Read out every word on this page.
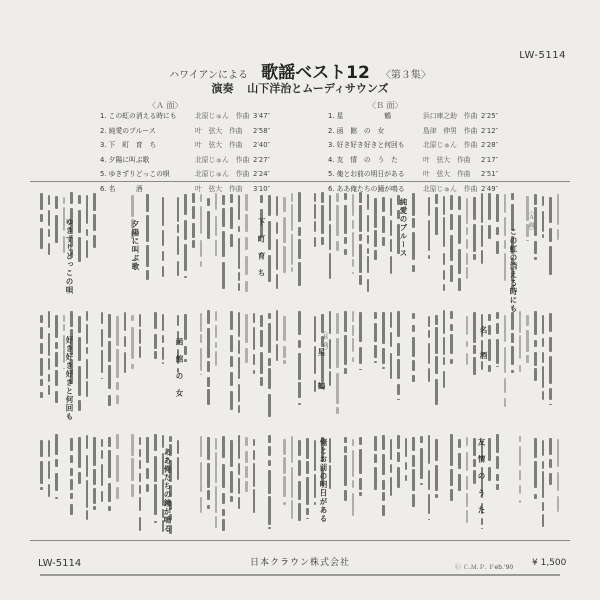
LW-5114
ハワイアンによる 歌謡ベスト12 〈第３集〉
演奏 山下洋治とムーディサウンズ
〈Ａ 面〉
1. この虹の消える時にも	北原じゅん　作曲 3′47″
2. 純愛のブルース	叶　弦大　作曲 2′58″
3. 下　町　育　ち	叶　弦大　作曲 2′40″
4. 夕陽に叫ぶ歌	北原じゅん　作曲 2′27″
5. ゆきずりどっこの唄	北原じゅん　作曲 2′24″
6. 名　　　酒	叶　弦大　作曲 3′10″
〈Ｂ 面〉
1. 星　　　　　　鶴	浜口庫之助　作曲 2′25″
2. 函　館　の　女	島津　伸男　作曲 2′12″
3. 好き好き好きと何回も	北原じゅん　作曲 2′28″
4. 友　情　の　う　た	叶　弦大　作曲 2′17″
5. 俺とお前の明日がある	叶　弦大　作曲 2′51″
6. ああ俺たちの鐘が鳴る	北原じゅん　作曲 2′49″
ゆきずりどっこの唄	夕陽に叫ぶ歌	下　町　育　ち	純愛のブルース
この虹の消える時にも
好き好き好きと何回も	函　館　の　女	星　　　鶴
名　　酒
ああ俺たちの鐘が鳴る	俺とお前の明日がある	友　情　の　う　た
〈Ａ 面〉
〈Ｂ 面〉
LW-5114	日本クラウン株式会社	Ⓒ Ｃ.Ｍ.Ｐ. Ｆeb.'90 ¥ 1,500
